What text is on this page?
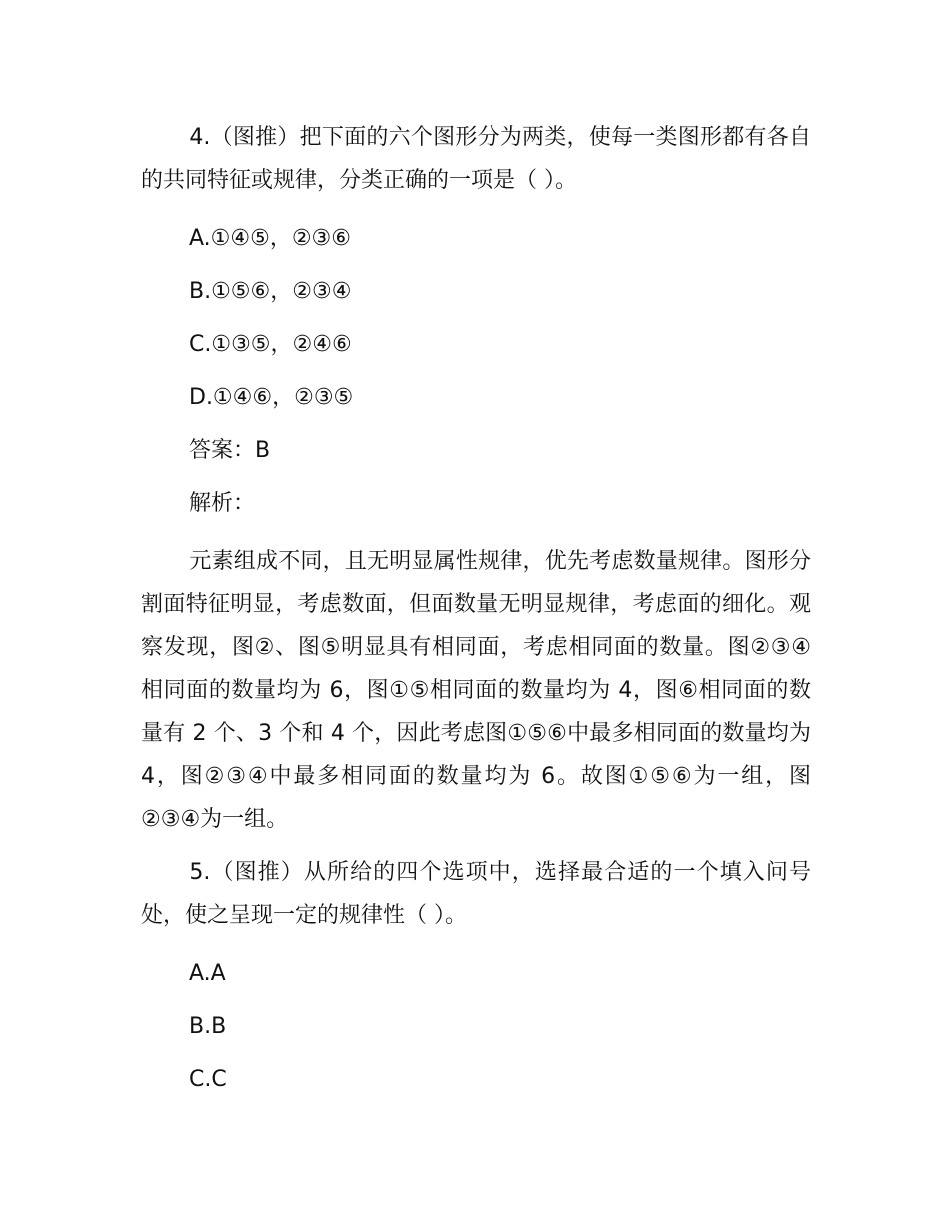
4.（图推）把下面的六个图形分为两类，使每一类图形都有各自的共同特征或规律，分类正确的一项是（ ）。

A.①④⑤，②③⑥

B.①⑤⑥，②③④

C.①③⑤，②④⑥

D.①④⑥，②③⑤

答案：B

解析：

元素组成不同，且无明显属性规律，优先考虑数量规律。图形分割面特征明显，考虑数面，但面数量无明显规律，考虑面的细化。观察发现，图②、图⑤明显具有相同面，考虑相同面的数量。图②③④相同面的数量均为 6，图①⑤相同面的数量均为 4，图⑥相同面的数量有 2 个、3 个和 4 个，因此考虑图①⑤⑥中最多相同面的数量均为 4，图②③④中最多相同面的数量均为 6。故图①⑤⑥为一组，图②③④为一组。

5.（图推）从所给的四个选项中，选择最合适的一个填入问号处，使之呈现一定的规律性（ ）。

A.A

B.B

C.C
